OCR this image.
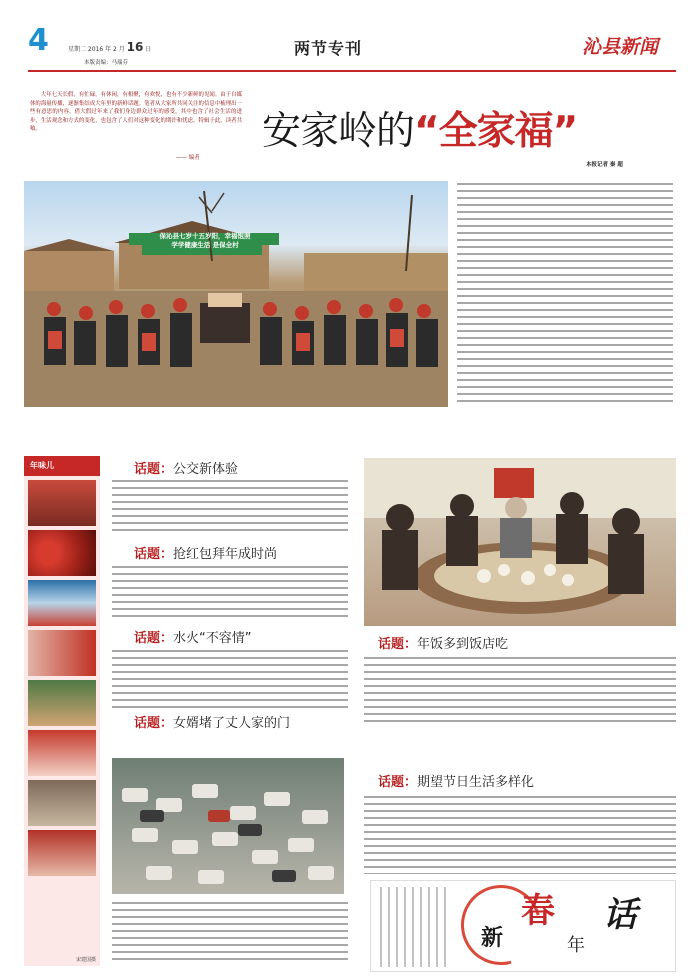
4	星期二 2016 年 2 月 16 日
本版责编：马瑞芬
两节专刊	沁县新闻
大年七天长假，有忙碌，有休闲，有相聚，有欢悦，也有不少新鲜的见闻。由于自媒体的海量传播，逐渐集结成大年里的新鲜话题。笔者从大家所共同关注的信息中梳理出一些有意思的内容，借大假过年来了我们身边群众过年的感受，其中也含了社会生活的进步，生活观念和方式的变化，也包含了人们对这种变化的期许和忧虑，特辑于此，读者共飨。
—— 编者
安家岭的“全家福”
本报记者 秦 超
保沁县七岁十五岁阳，幸福饱照
学学健康生活 是保全村
年味儿
宋建国摄
话题：公交新体验
话题：抢红包拜年成时尚
话题：水火“不容情”
话题：女婿堵了丈人家的门
话题：年饭多到饭店吃
话题：期望节日生活多样化
新
春
年
话
